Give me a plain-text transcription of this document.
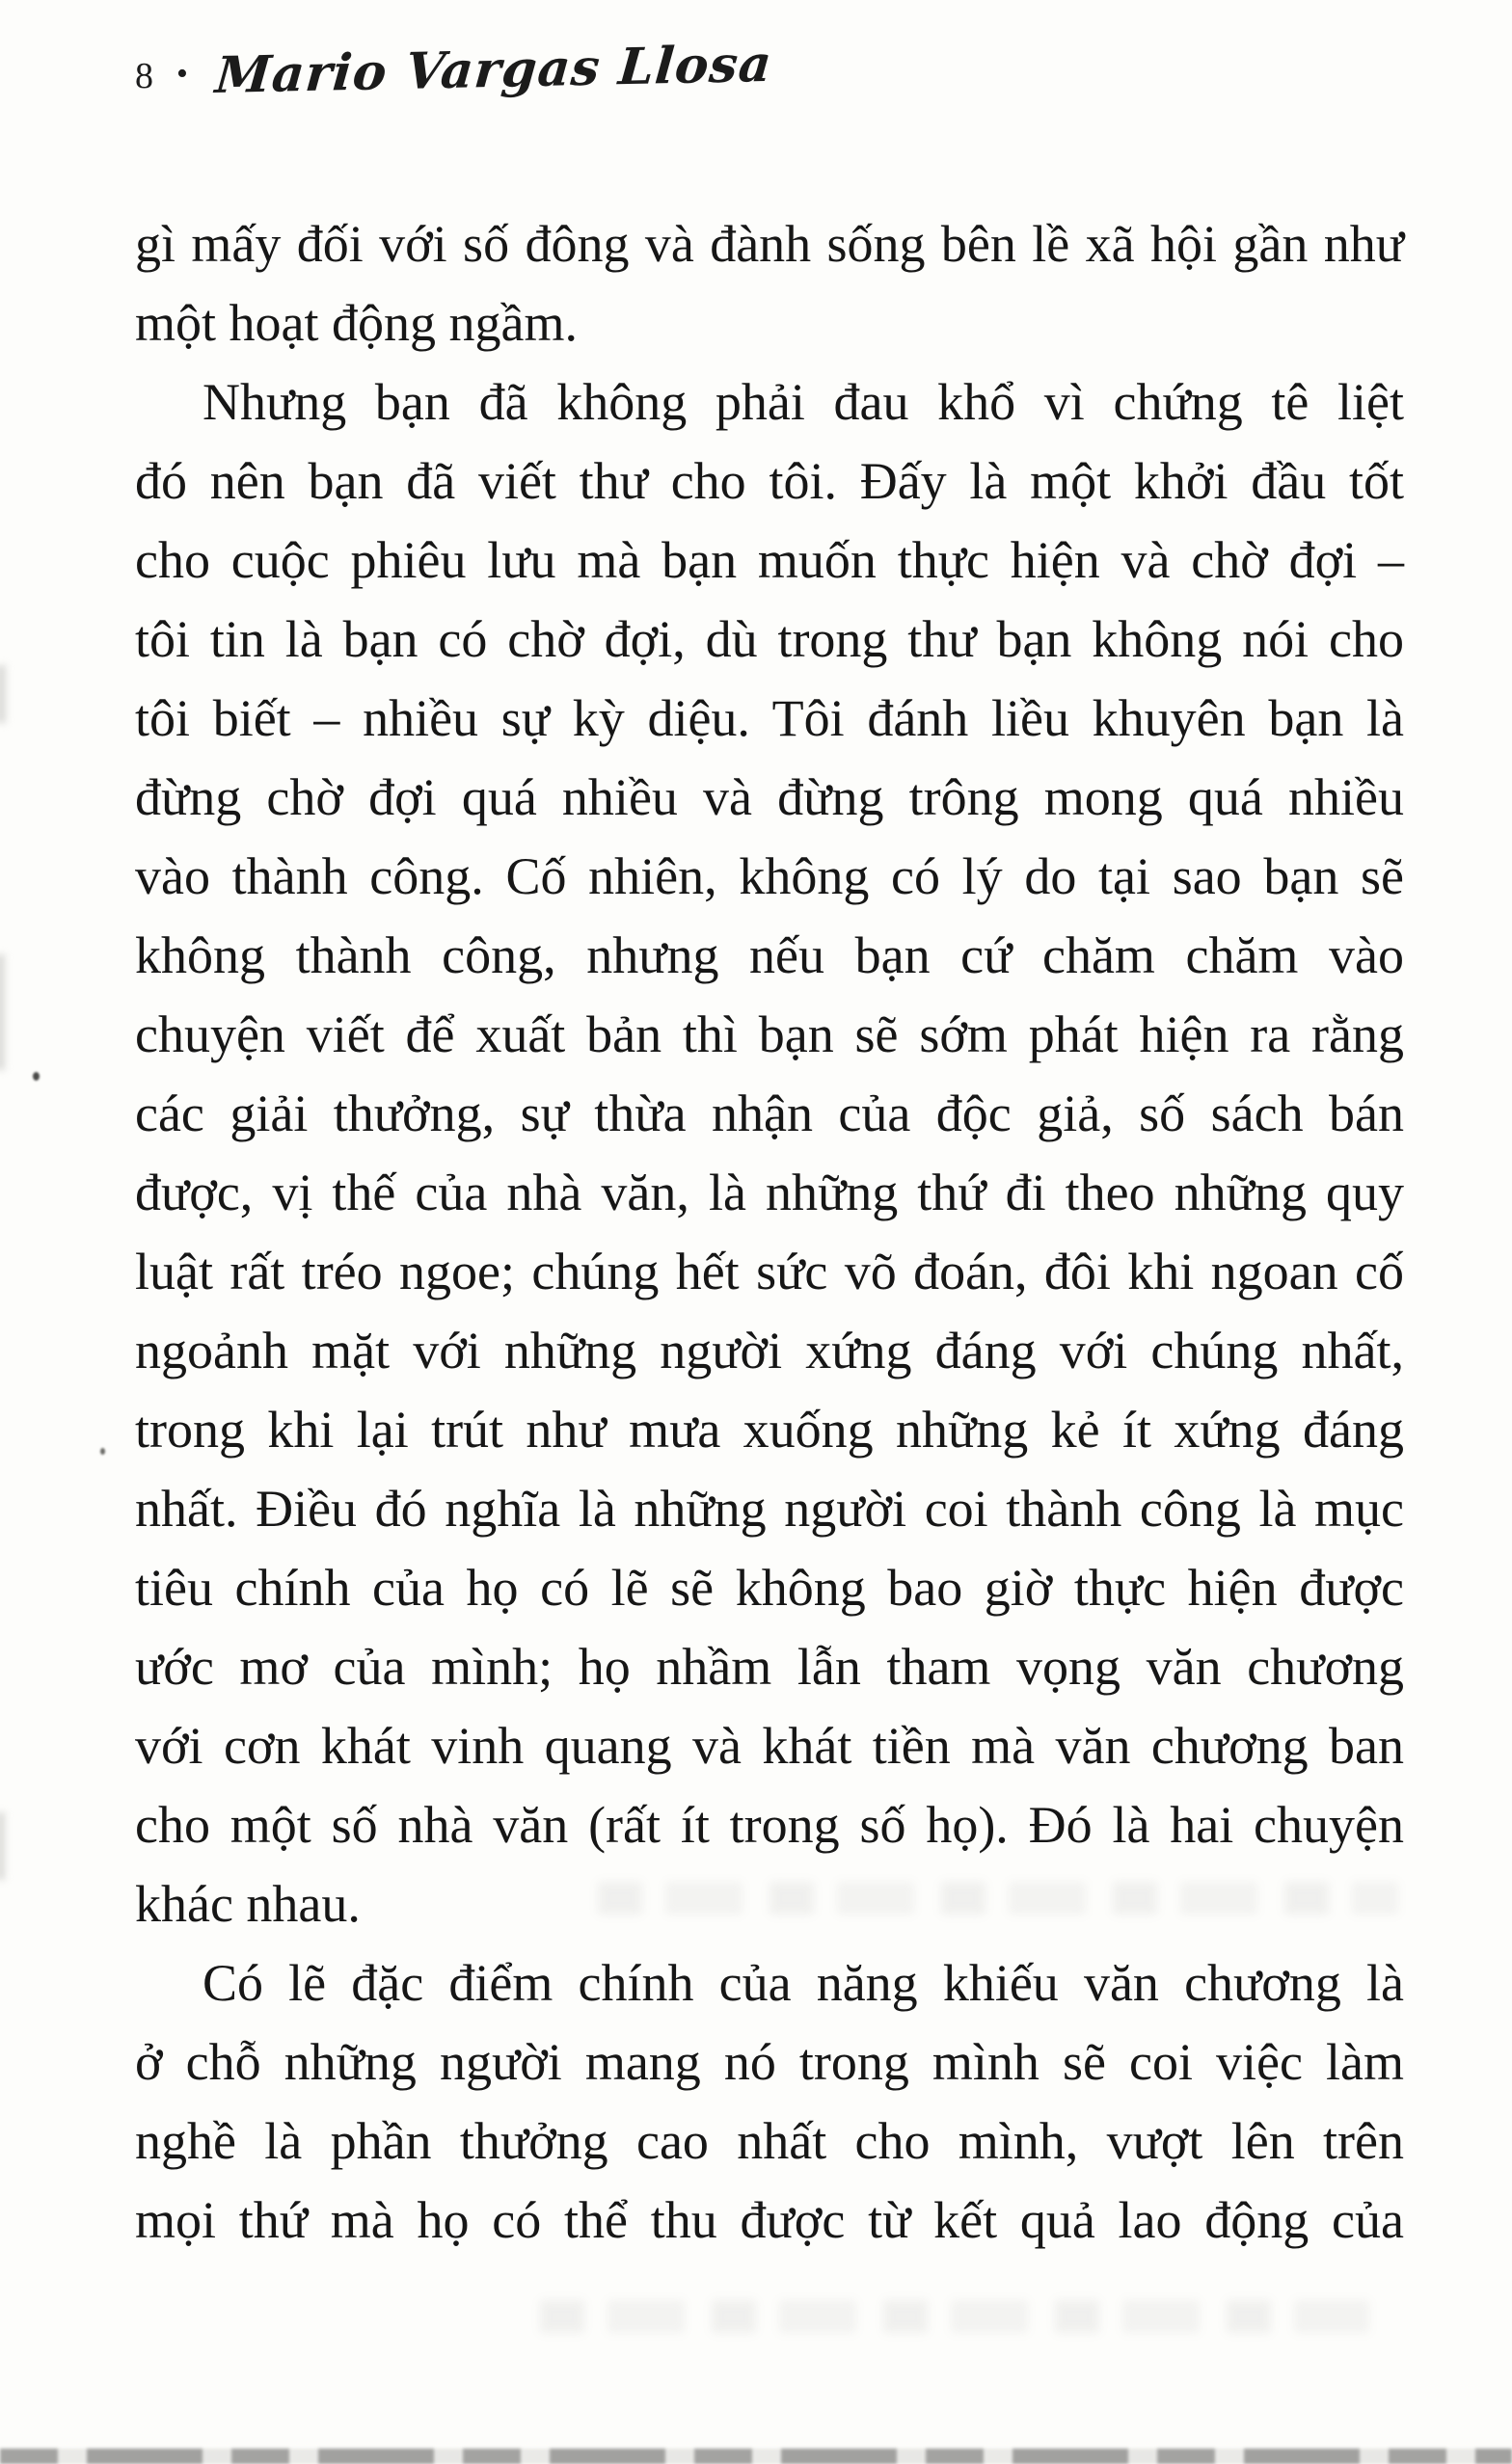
8 • Mario Vargas Llosa
gì mấy đối với số đông và đành sống bên lề xã hội gần như
một hoạt động ngầm.
Nhưng bạn đã không phải đau khổ vì chứng tê liệt
đó nên bạn đã viết thư cho tôi. Đấy là một khởi đầu tốt
cho cuộc phiêu lưu mà bạn muốn thực hiện và chờ đợi –
tôi tin là bạn có chờ đợi, dù trong thư bạn không nói cho
tôi biết – nhiều sự kỳ diệu. Tôi đánh liều khuyên bạn là
đừng chờ đợi quá nhiều và đừng trông mong quá nhiều
vào thành công. Cố nhiên, không có lý do tại sao bạn sẽ
không thành công, nhưng nếu bạn cứ chăm chăm vào
chuyện viết để xuất bản thì bạn sẽ sớm phát hiện ra rằng
các giải thưởng, sự thừa nhận của độc giả, số sách bán
được, vị thế của nhà văn, là những thứ đi theo những quy
luật rất tréo ngoe; chúng hết sức võ đoán, đôi khi ngoan cố
ngoảnh mặt với những người xứng đáng với chúng nhất,
trong khi lại trút như mưa xuống những kẻ ít xứng đáng
nhất. Điều đó nghĩa là những người coi thành công là mục
tiêu chính của họ có lẽ sẽ không bao giờ thực hiện được
ước mơ của mình; họ nhầm lẫn tham vọng văn chương
với cơn khát vinh quang và khát tiền mà văn chương ban
cho một số nhà văn (rất ít trong số họ). Đó là hai chuyện
khác nhau.
Có lẽ đặc điểm chính của năng khiếu văn chương là
ở chỗ những người mang nó trong mình sẽ coi việc làm
nghề là phần thưởng cao nhất cho mình, vượt lên trên
mọi thứ mà họ có thể thu được từ kết quả lao động của
